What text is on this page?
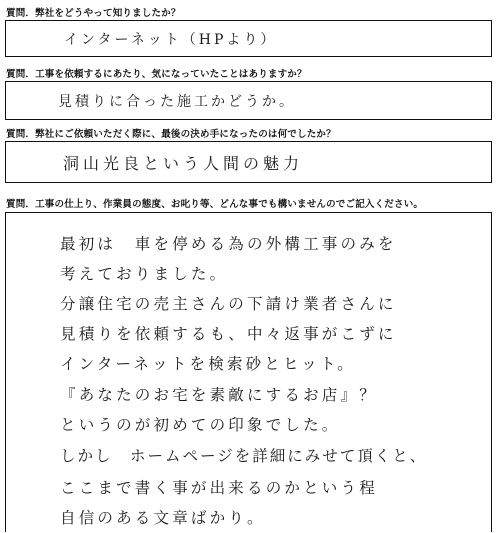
質問．弊社をどうやって知りましたか？
インターネット（HPより）
質問．工事を依頼するにあたり、気になっていたことはありますか？
見積りに合った施工かどうか。
質問．弊社にご依頼いただく際に、最後の決め手になったのは何でしたか？
洞山光良という人間の魅力
質問．工事の仕上り、作業員の態度、お叱り等、どんな事でも構いませんのでご記入ください。
最初は　車を停める為の外構工事のみを
考えておりました。
分譲住宅の売主さんの下請け業者さんに
見積りを依頼するも、中々返事がこずに
インターネットを検索砂とヒット。
『あなたのお宅を素敵にするお店』？
というのが初めての印象でした。
しかし　ホームページを詳細にみせて頂くと、
ここまで書く事が出来るのかという程
自信のある文章ばかり。
